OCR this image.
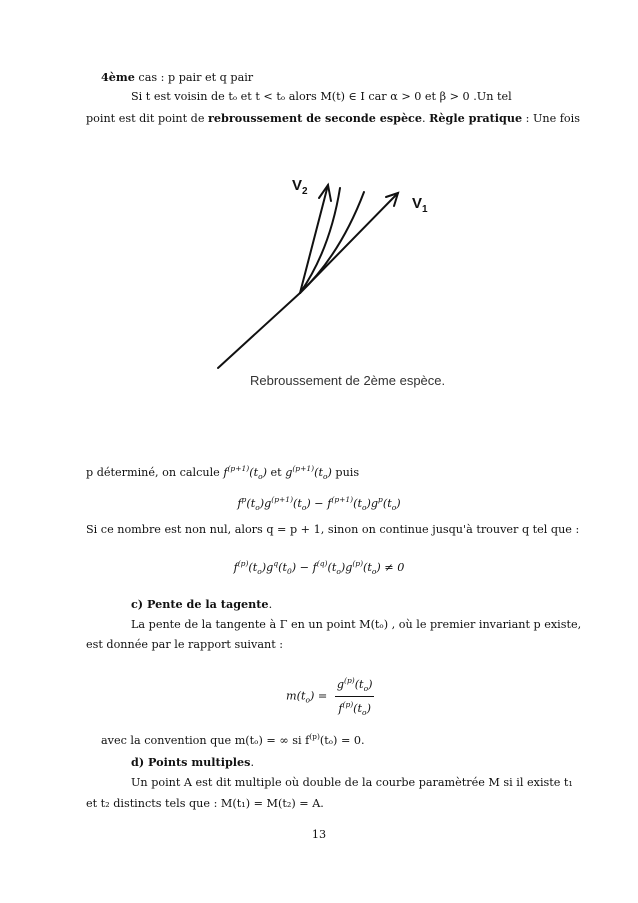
4ème cas : p pair et q pair
Si t est voisin de tₒ et t < tₒ alors M(t) ∈ I car α > 0 et β > 0 .Un tel
point est dit point de rebroussement de seconde espèce. Règle pratique : Une fois
$V_2$
$V_1$
Rebroussement de 2ème espèce.
p déterminé, on calcule $f^{(p+1)}(t_o)$ et $g^{(p+1)}(t_o)$ puis
$f^p(t_o)g^{(p+1)}(t_o) - f^{(p+1)}(t_o)g^p(t_o)$
Si ce nombre est non nul, alors q = p + 1, sinon on continue jusqu'à trouver q tel que :
$f^{(p)}(t_o)g^q(t_0) - f^{(q)}(t_o)g^{(p)}(t_o) \ne 0$
c) Pente de la tagente.
La pente de la tangente à Γ en un point M(tₒ) , où le premier invariant p existe,
est donnée par le rapport suivant :
$m(t_o) = \frac{g^{(p)}(t_o)}{f^{(p)}(t_o)}$
avec la convention que m(tₒ) = ∞ si $f^{(p)}(t_o) = 0$.
d) Points multiples.
Un point A est dit multiple où double de la courbe paramètrée M si il existe t₁
et t₂ distincts tels que : M(t₁) = M(t₂) = A.
13
